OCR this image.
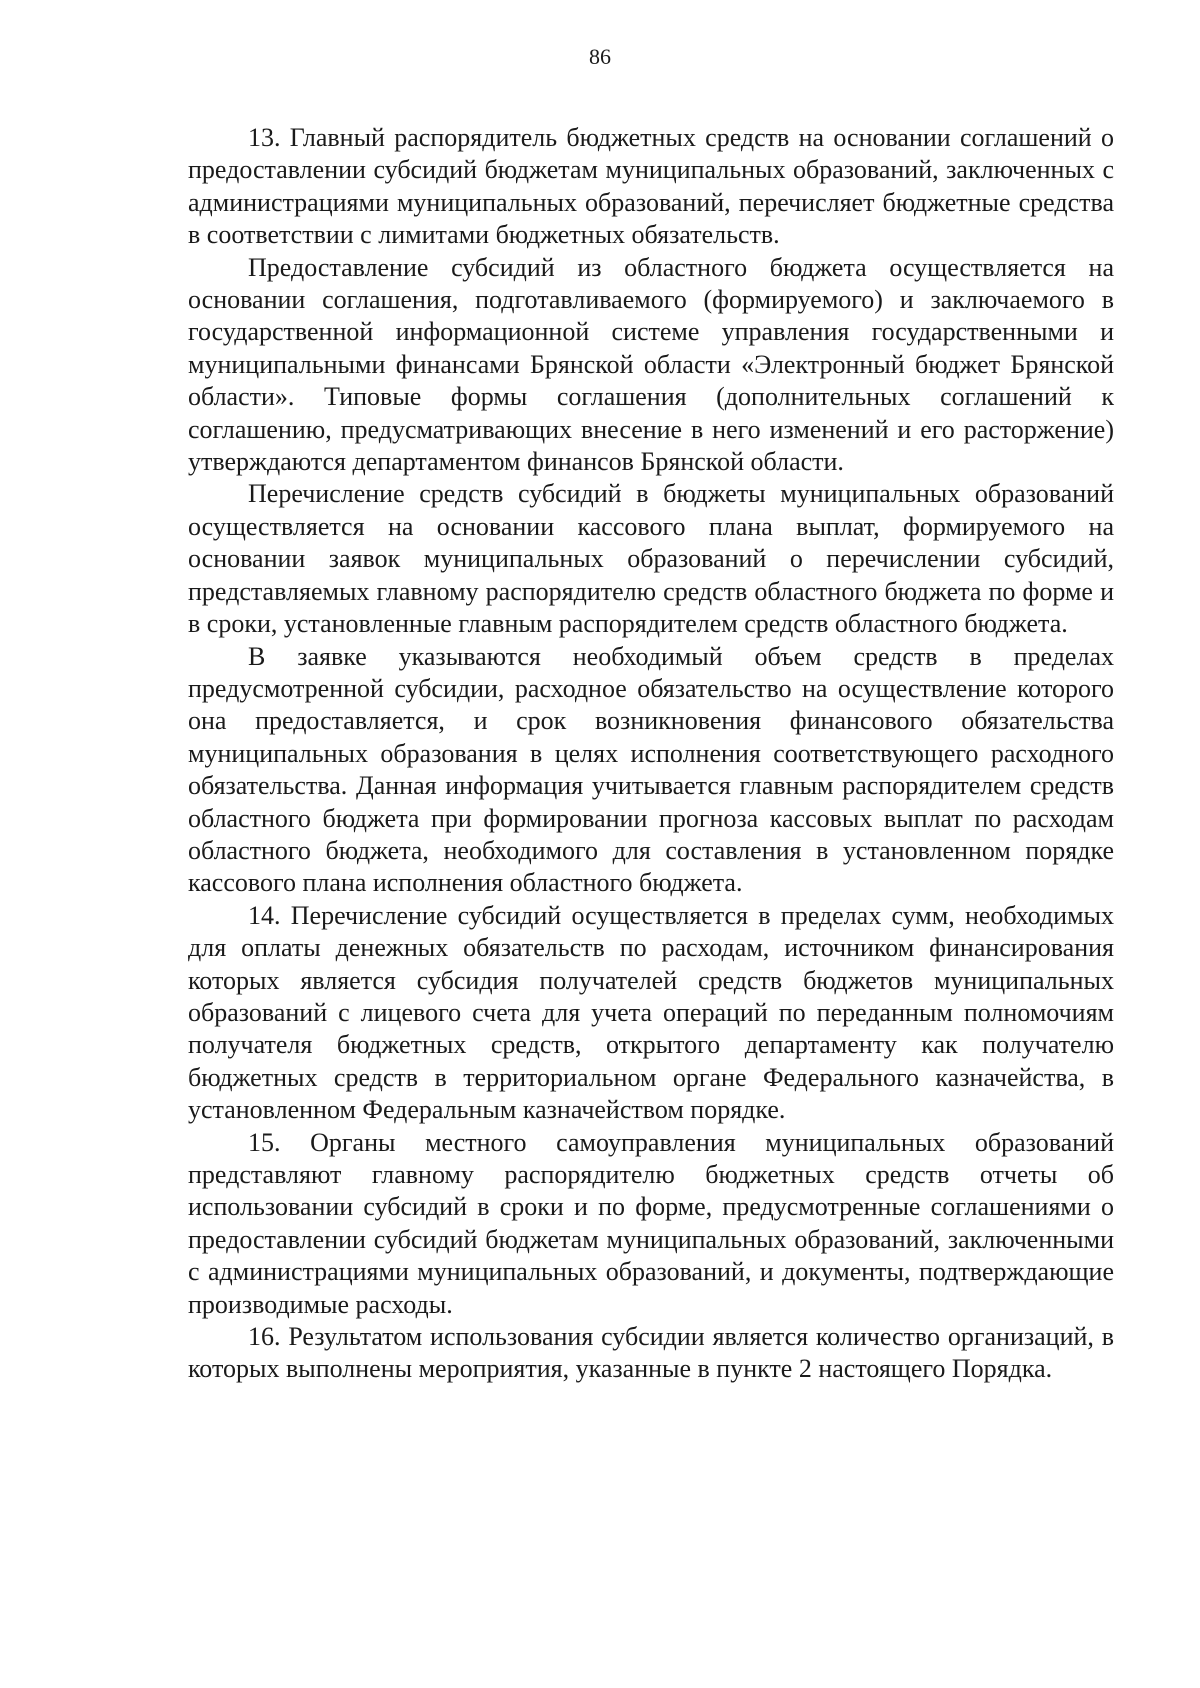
86

13. Главный распорядитель бюджетных средств на основании соглашений о предоставлении субсидий бюджетам муниципальных образований, заключенных с администрациями муниципальных образований, перечисляет бюджетные средства в соответствии с лимитами бюджетных обязательств.

Предоставление субсидий из областного бюджета осуществляется на основании соглашения, подготавливаемого (формируемого) и заключаемого в государственной информационной системе управления государственными и муниципальными финансами Брянской области «Электронный бюджет Брянской области». Типовые формы соглашения (дополнительных соглашений к соглашению, предусматривающих внесение в него изменений и его расторжение) утверждаются департаментом финансов Брянской области.

Перечисление средств субсидий в бюджеты муниципальных образований осуществляется на основании кассового плана выплат, формируемого на основании заявок муниципальных образований о перечислении субсидий, представляемых главному распорядителю средств областного бюджета по форме и в сроки, установленные главным распорядителем средств областного бюджета.

В заявке указываются необходимый объем средств в пределах предусмотренной субсидии, расходное обязательство на осуществление которого она предоставляется, и срок возникновения финансового обязательства муниципальных образования в целях исполнения соответствующего расходного обязательства. Данная информация учитывается главным распорядителем средств областного бюджета при формировании прогноза кассовых выплат по расходам областного бюджета, необходимого для составления в установленном порядке кассового плана исполнения областного бюджета.

14. Перечисление субсидий осуществляется в пределах сумм, необходимых для оплаты денежных обязательств по расходам, источником финансирования которых является субсидия получателей средств бюджетов муниципальных образований с лицевого счета для учета операций по переданным полномочиям получателя бюджетных средств, открытого департаменту как получателю бюджетных средств в территориальном органе Федерального казначейства, в установленном Федеральным казначейством порядке.

15. Органы местного самоуправления муниципальных образований представляют главному распорядителю бюджетных средств отчеты об использовании субсидий в сроки и по форме, предусмотренные соглашениями о предоставлении субсидий бюджетам муниципальных образований, заключенными с администрациями муниципальных образований, и документы, подтверждающие производимые расходы.

16. Результатом использования субсидии является количество организаций, в которых выполнены мероприятия, указанные в пункте 2 настоящего Порядка.
